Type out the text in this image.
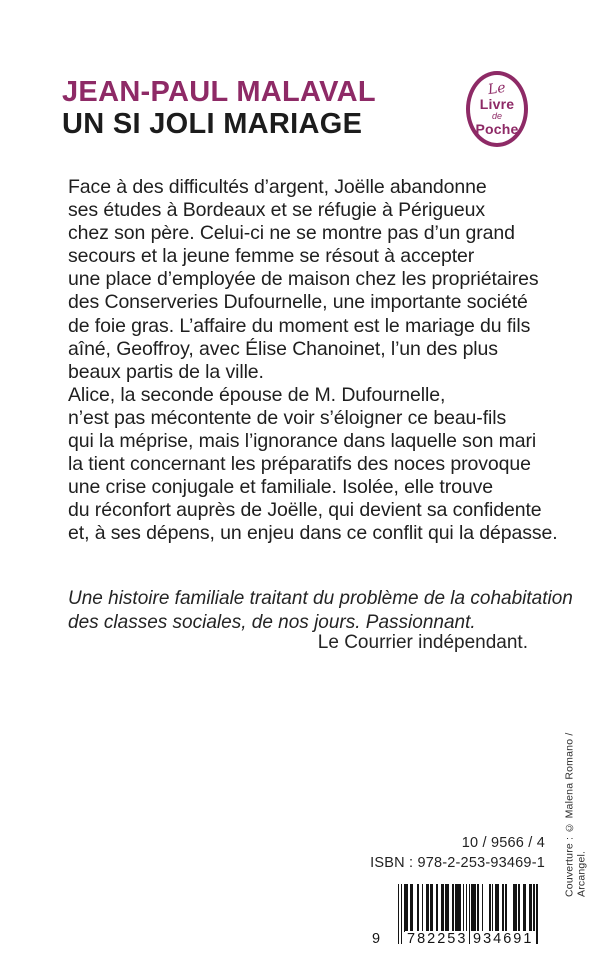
JEAN-PAUL MALAVAL
UN SI JOLI MARIAGE
Le
Livre
de
Poche
Face à des difficultés d’argent, Joëlle abandonne
ses études à Bordeaux et se réfugie à Périgueux
chez son père. Celui-ci ne se montre pas d’un grand
secours et la jeune femme se résout à accepter
une place d’employée de maison chez les propriétaires
des Conserveries Dufournelle, une importante société
de foie gras. L’affaire du moment est le mariage du fils
aîné, Geoffroy, avec Élise Chanoinet, l’un des plus
beaux partis de la ville.
Alice, la seconde épouse de M. Dufournelle,
n’est pas mécontente de voir s’éloigner ce beau-fils
qui la méprise, mais l’ignorance dans laquelle son mari
la tient concernant les préparatifs des noces provoque
une crise conjugale et familiale. Isolée, elle trouve
du réconfort auprès de Joëlle, qui devient sa confidente
et, à ses dépens, un enjeu dans ce conflit qui la dépasse.
Une histoire familiale traitant du problème de la cohabitation
des classes sociales, de nos jours. Passionnant.
Le Courrier indépendant.
10 / 9566 / 4
ISBN : 978-2-253-93469-1
9 782253 934691
Couverture : © Malena Romano / Arcangel.
